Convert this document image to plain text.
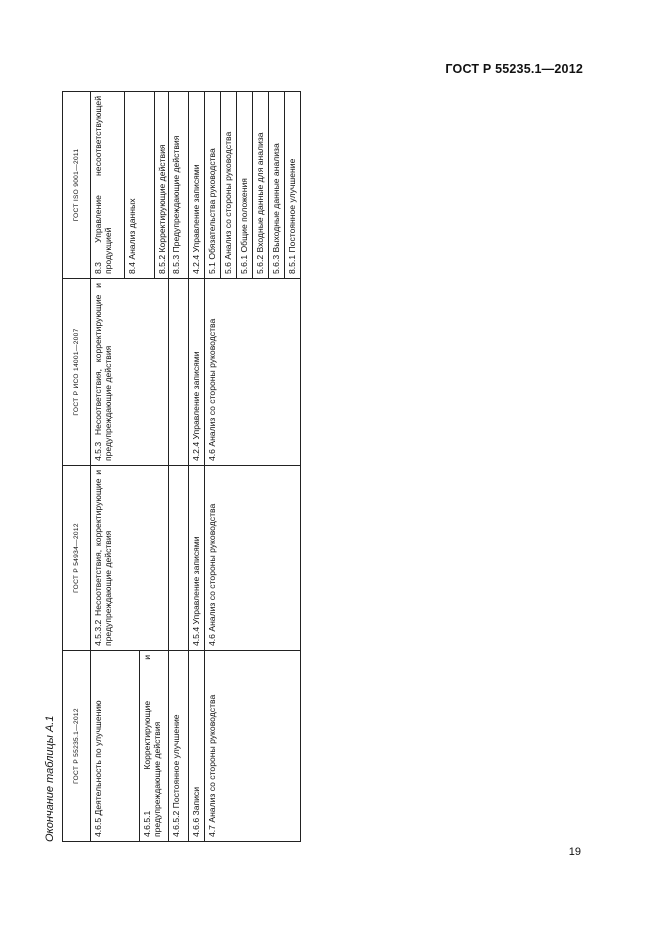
ГОСТ Р 55235.1—2012
Окончание таблицы А.1	ГОСТ Р 55235.1—2012	ГОСТ Р 54934—2012	ГОСТ Р ИСО 14001—2007	ГОСТ ISO 9001—2011
4.6.5 Деятельность по улучшению	4.5.3.2 Несоответствия, корректирующие и предупреждающие действия	4.5.3 Несоответствия, корректирующие и предупреждающие действия	8.3 Управление несоответствующей продукцией
			8.4 Анализ данных
4.6.5.1 Корректирующие и предупреждающие действия			
			8.5.2 Корректирующие действия
4.6.5.2 Постоянное улучшение			8.5.3 Предупреждающие действия
4.6.6 Записи	4.5.4 Управление записями	4.2.4 Управление записями	4.2.4 Управление записями
4.7 Анализ со стороны руководства	4.6 Анализ со стороны руководства	4.6 Анализ со стороны руководства	5.1 Обязательства руководства
			5.6 Анализ со стороны руководства
			5.6.1 Общие положения
			5.6.2 Входные данные для анализа
			5.6.3 Выходные данные анализа
			8.5.1 Постоянное улучшение
19
